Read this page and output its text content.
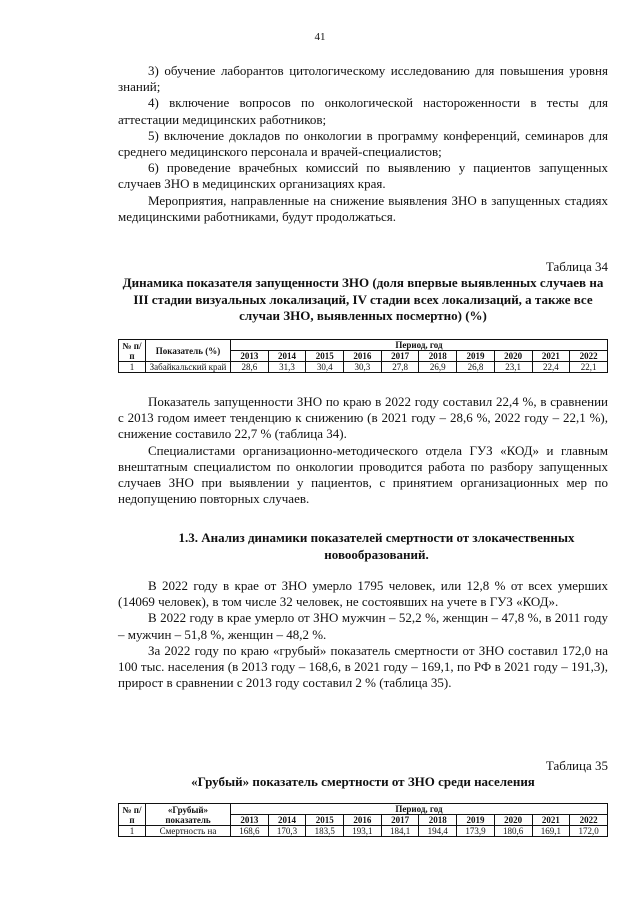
41

3) обучение лаборантов цитологическому исследованию для повышения уровня знаний;

4) включение вопросов по онкологической настороженности в тесты для аттестации медицинских работников;

5) включение докладов по онкологии в программу конференций, семинаров для среднего медицинского персонала и врачей-специалистов;

6) проведение врачебных комиссий по выявлению у пациентов запущенных случаев ЗНО в медицинских организациях края.

Мероприятия, направленные на снижение выявления ЗНО в запущенных стадиях медицинскими работниками, будут продолжаться.

Таблица 34

Динамика показателя запущенности ЗНО (доля впервые выявленных случаев на III стадии визуальных локализаций, IV стадии всех локализаций, а также все случаи ЗНО, выявленных посмертно) (%)

№ п/п	Показатель (%)	Период, год									
		2013	2014	2015	2016	2017	2018	2019	2020	2021	2022
1	Забайкальский край	28,6	31,3	30,4	30,3	27,8	26,9	26,8	23,1	22,4	22,1

Показатель запущенности ЗНО по краю в 2022 году составил 22,4 %, в сравнении с 2013 годом имеет тенденцию к снижению (в 2021 году – 28,6 %, 2022 году – 22,1 %), снижение составило 22,7 % (таблица 34).

Специалистами организационно-методического отдела ГУЗ «КОД» и главным внештатным специалистом по онкологии проводится работа по разбору запущенных случаев ЗНО при выявлении у пациентов, с принятием организационных мер по недопущению повторных случаев.

1.3. Анализ динамики показателей смертности от злокачественных новообразований.

В 2022 году в крае от ЗНО умерло 1795 человек, или 12,8 % от всех умерших (14069 человек), в том числе 32 человек, не состоявших на учете в ГУЗ «КОД».

В 2022 году в крае умерло от ЗНО мужчин – 52,2 %, женщин – 47,8 %, в 2011 году – мужчин – 51,8 %, женщин – 48,2 %.

За 2022 году по краю «грубый» показатель смертности от ЗНО составил 172,0 на 100 тыс. населения (в 2013 году – 168,6, в 2021 году – 169,1, по РФ в 2021 году – 191,3), прирост в сравнении с 2013 году составил 2 % (таблица 35).

Таблица 35

«Грубый» показатель смертности от ЗНО среди населения

№ п/п	«Грубый» показатель	Период, год									
		2013	2014	2015	2016	2017	2018	2019	2020	2021	2022
1	Смертность на	168,6	170,3	183,5	193,1	184,1	194,4	173,9	180,6	169,1	172,0
